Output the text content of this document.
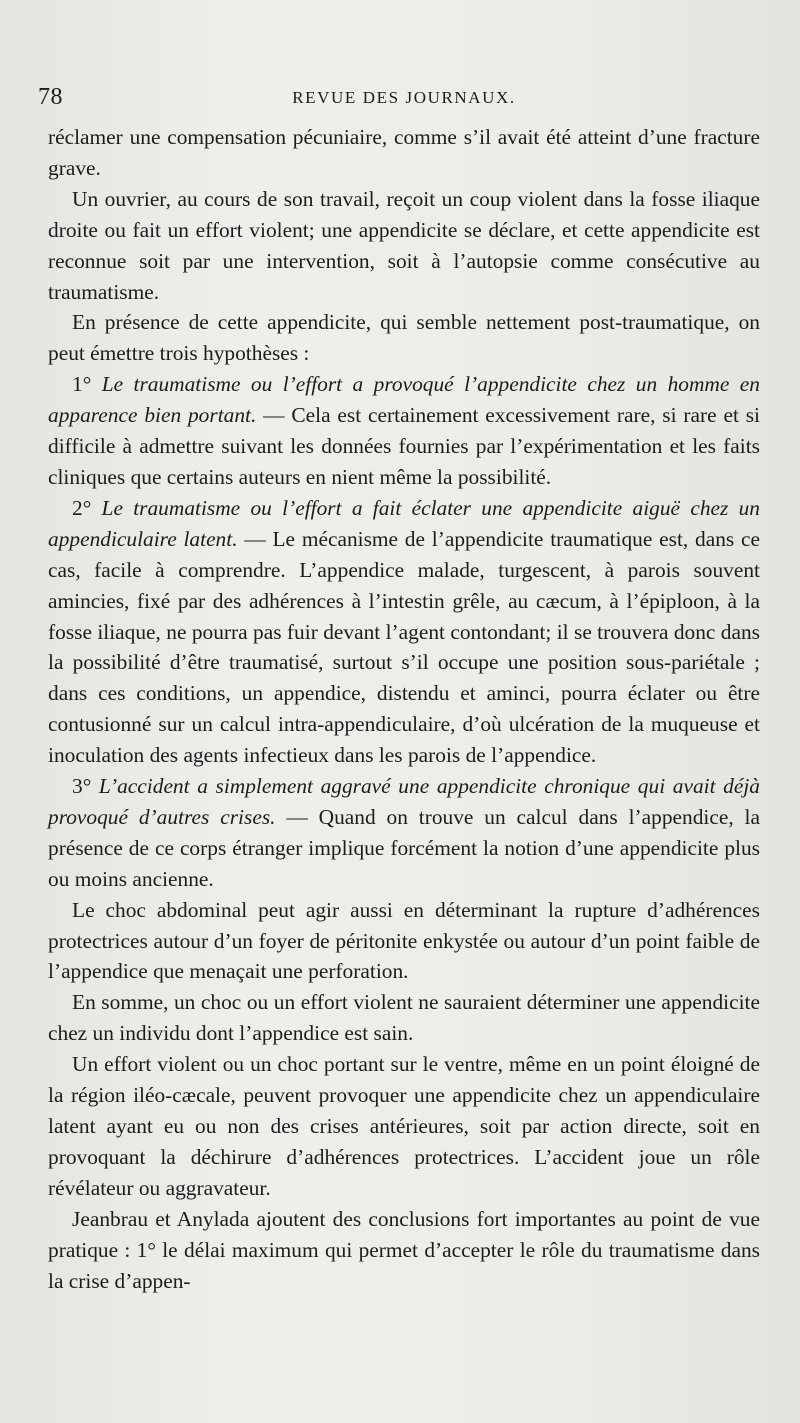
78	REVUE DES JOURNAUX.

réclamer une compensation pécuniaire, comme s’il avait été atteint d’une fracture grave.

Un ouvrier, au cours de son travail, reçoit un coup violent dans la fosse iliaque droite ou fait un effort violent; une appendicite se déclare, et cette appendicite est reconnue soit par une intervention, soit à l’autopsie comme consécutive au traumatisme.

En présence de cette appendicite, qui semble nettement post-traumatique, on peut émettre trois hypothèses :

1° Le traumatisme ou l’effort a provoqué l’appendicite chez un homme en apparence bien portant. — Cela est certainement excessivement rare, si rare et si difficile à admettre suivant les données fournies par l’expérimentation et les faits cliniques que certains auteurs en nient même la possibilité.

2° Le traumatisme ou l’effort a fait éclater une appendicite aiguë chez un appendiculaire latent. — Le mécanisme de l’appendicite traumatique est, dans ce cas, facile à comprendre. L’appendice malade, turgescent, à parois souvent amincies, fixé par des adhérences à l’intestin grêle, au cæcum, à l’épiploon, à la fosse iliaque, ne pourra pas fuir devant l’agent contondant; il se trouvera donc dans la possibilité d’être traumatisé, surtout s’il occupe une position sous-pariétale ; dans ces conditions, un appendice, distendu et aminci, pourra éclater ou être contusionné sur un calcul intra-appendiculaire, d’où ulcération de la muqueuse et inoculation des agents infectieux dans les parois de l’appendice.

3° L’accident a simplement aggravé une appendicite chronique qui avait déjà provoqué d’autres crises. — Quand on trouve un calcul dans l’appendice, la présence de ce corps étranger implique forcément la notion d’une appendicite plus ou moins ancienne.

Le choc abdominal peut agir aussi en déterminant la rupture d’adhérences protectrices autour d’un foyer de péritonite enkystée ou autour d’un point faible de l’appendice que menaçait une perforation.

En somme, un choc ou un effort violent ne sauraient déterminer une appendicite chez un individu dont l’appendice est sain.

Un effort violent ou un choc portant sur le ventre, même en un point éloigné de la région iléo-cæcale, peuvent provoquer une appendicite chez un appendiculaire latent ayant eu ou non des crises antérieures, soit par action directe, soit en provoquant la déchirure d’adhérences protectrices. L’accident joue un rôle révélateur ou aggravateur.

Jeanbrau et Anylada ajoutent des conclusions fort importantes au point de vue pratique : 1° le délai maximum qui permet d’accepter le rôle du traumatisme dans la crise d’appen-
